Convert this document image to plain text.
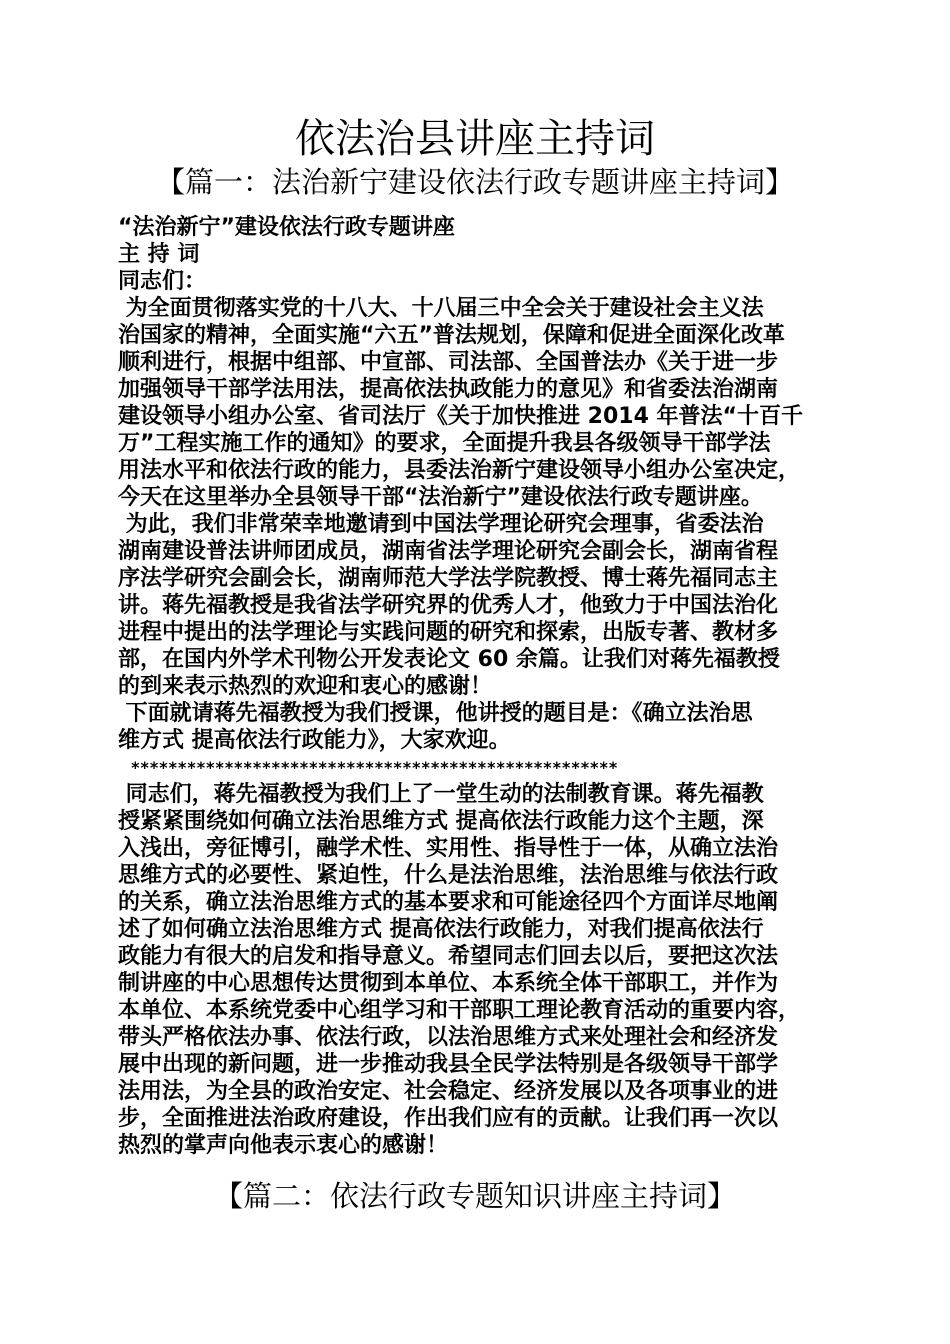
依法治县讲座主持词
【篇一：法治新宁建设依法行政专题讲座主持词】
“法治新宁”建设依法行政专题讲座
主 持 词
同志们：
为全面贯彻落实党的十八大、十八届三中全会关于建设社会主义法
治国家的精神，全面实施“六五”普法规划，保障和促进全面深化改革
顺利进行，根据中组部、中宣部、司法部、全国普法办《关于进一步
加强领导干部学法用法，提高依法执政能力的意见》和省委法治湖南
建设领导小组办公室、省司法厅《关于加快推进 2014 年普法“十百千
万”工程实施工作的通知》的要求，全面提升我县各级领导干部学法
用法水平和依法行政的能力，县委法治新宁建设领导小组办公室决定，
今天在这里举办全县领导干部“法治新宁”建设依法行政专题讲座。
为此，我们非常荣幸地邀请到中国法学理论研究会理事，省委法治
湖南建设普法讲师团成员，湖南省法学理论研究会副会长，湖南省程
序法学研究会副会长，湖南师范大学法学院教授、博士蒋先福同志主
讲。蒋先福教授是我省法学研究界的优秀人才，他致力于中国法治化
进程中提出的法学理论与实践问题的研究和探索，出版专著、教材多
部，在国内外学术刊物公开发表论文 60 余篇。让我们对蒋先福教授
的到来表示热烈的欢迎和衷心的感谢！
下面就请蒋先福教授为我们授课，他讲授的题目是：《确立法治思
维方式 提高依法行政能力》，大家欢迎。
****************************************************
同志们，蒋先福教授为我们上了一堂生动的法制教育课。蒋先福教
授紧紧围绕如何确立法治思维方式 提高依法行政能力这个主题，深
入浅出，旁征博引，融学术性、实用性、指导性于一体，从确立法治
思维方式的必要性、紧迫性，什么是法治思维，法治思维与依法行政
的关系，确立法治思维方式的基本要求和可能途径四个方面详尽地阐
述了如何确立法治思维方式 提高依法行政能力，对我们提高依法行
政能力有很大的启发和指导意义。希望同志们回去以后，要把这次法
制讲座的中心思想传达贯彻到本单位、本系统全体干部职工，并作为
本单位、本系统党委中心组学习和干部职工理论教育活动的重要内容，
带头严格依法办事、依法行政，以法治思维方式来处理社会和经济发
展中出现的新问题，进一步推动我县全民学法特别是各级领导干部学
法用法，为全县的政治安定、社会稳定、经济发展以及各项事业的进
步，全面推进法治政府建设，作出我们应有的贡献。让我们再一次以
热烈的掌声向他表示衷心的感谢！
【篇二：依法行政专题知识讲座主持词】
